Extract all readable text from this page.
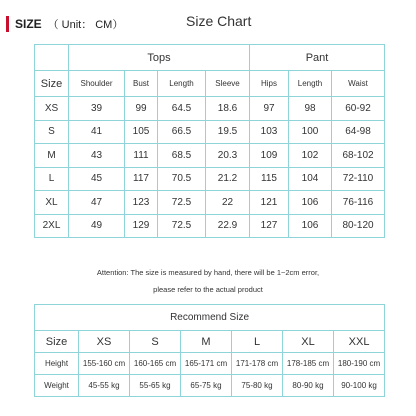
SIZE （ Unit： CM）	Size Chart
	Tops				Pant		
Size	Shoulder	Bust	Length	Sleeve	Hips	Length	Waist
XS	39	99	64.5	18.6	97	98	60-92
S	41	105	66.5	19.5	103	100	64-98
M	43	111	68.5	20.3	109	102	68-102
L	45	117	70.5	21.2	115	104	72-110
XL	47	123	72.5	22	121	106	76-116
2XL	49	129	72.5	22.9	127	106	80-120
Attention: The size is measured by hand, there will be 1~2cm error,
please refer to the actual product
Recommend Size						
Size	XS	S	M	L	XL	XXL
Height	155-160 cm	160-165 cm	165-171 cm	171-178 cm	178-185 cm	180-190 cm
Weight	45-55 kg	55-65 kg	65-75 kg	75-80 kg	80-90 kg	90-100 kg
